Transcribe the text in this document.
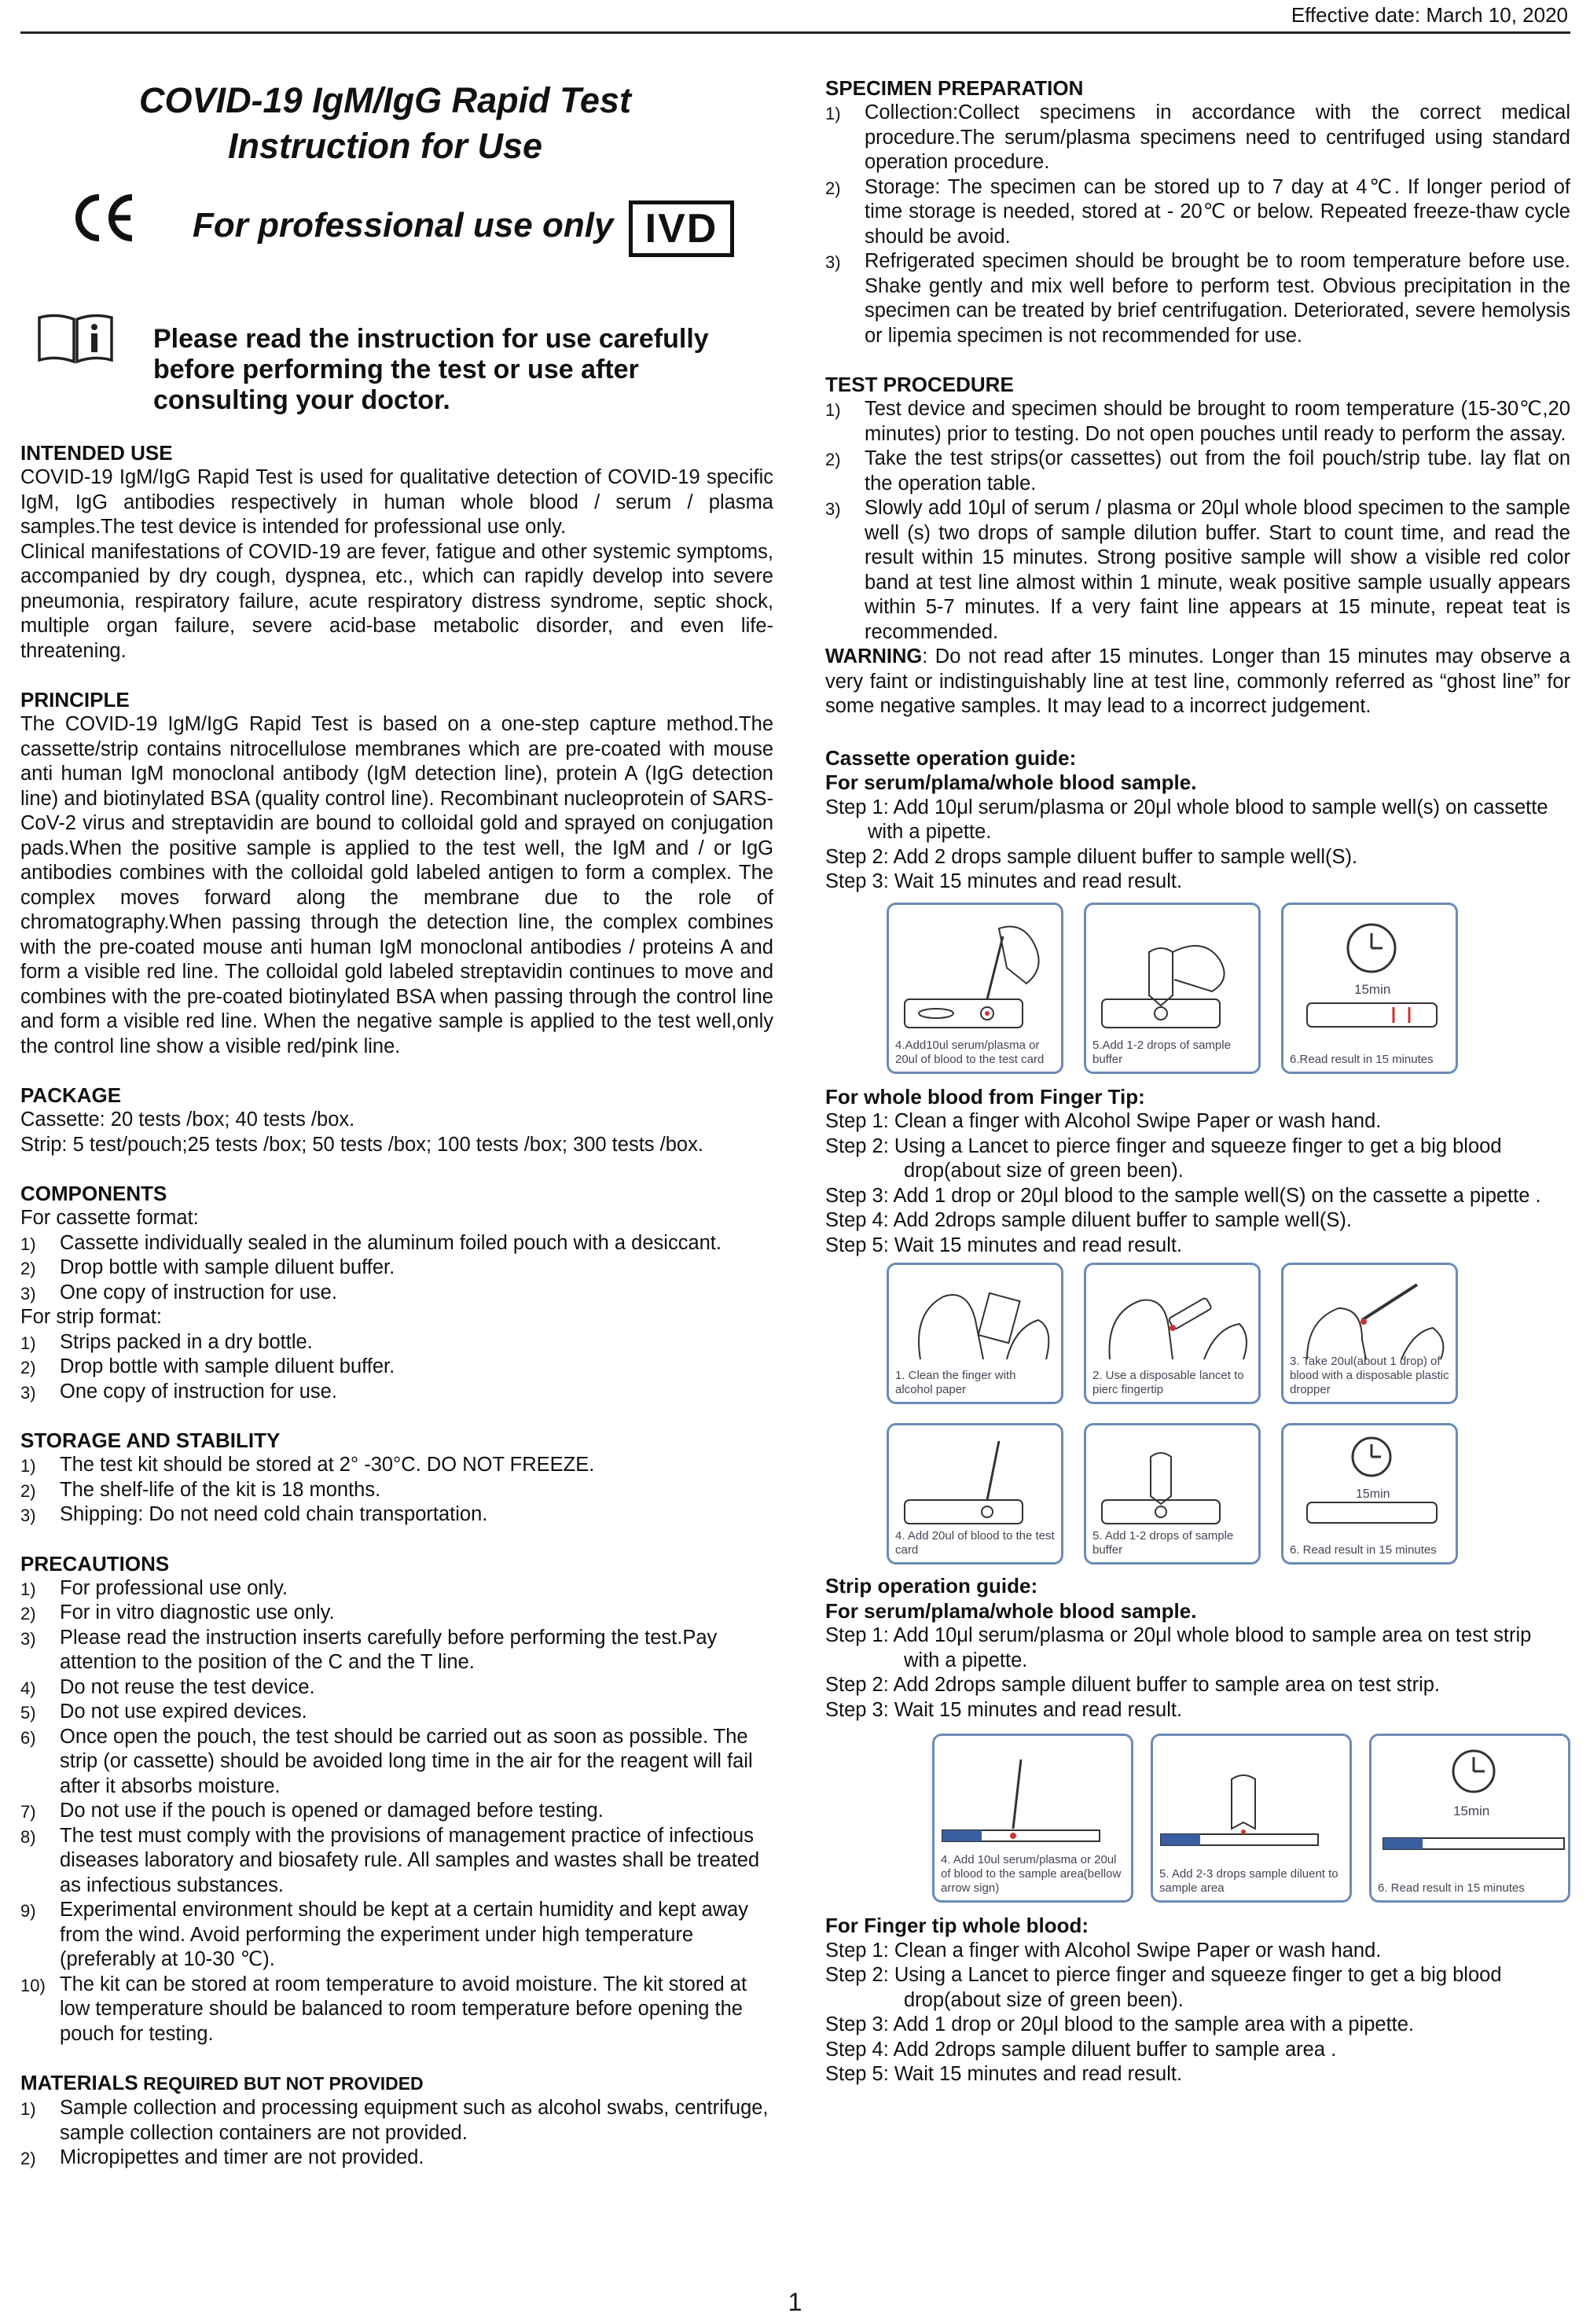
Effective date: March 10, 2020
COVID-19 IgM/IgG Rapid Test
Instruction for Use
For professional use only IVD
Please read the instruction for use carefully before performing the test or use after consulting your doctor.
INTENDED USE
COVID-19 IgM/IgG Rapid Test is used for qualitative detection of COVID-19 specific IgM, IgG antibodies respectively in human whole blood / serum / plasma samples.The test device is intended for professional use only.
Clinical manifestations of COVID-19 are fever, fatigue and other systemic symptoms, accompanied by dry cough, dyspnea, etc., which can rapidly develop into severe pneumonia, respiratory failure, acute respiratory distress syndrome, septic shock, multiple organ failure, severe acid-base metabolic disorder, and even life-threatening.
PRINCIPLE
The COVID-19 IgM/IgG Rapid Test is based on a one-step capture method.The cassette/strip contains nitrocellulose membranes which are pre-coated with mouse anti human IgM monoclonal antibody (IgM detection line), protein A (IgG detection line) and biotinylated BSA (quality control line). Recombinant nucleoprotein of SARS-CoV-2 virus and streptavidin are bound to colloidal gold and sprayed on conjugation pads.When the positive sample is applied to the test well, the IgM and / or IgG antibodies combines with the colloidal gold labeled antigen to form a complex. The complex moves forward along the membrane due to the role of chromatography.When passing through the detection line, the complex combines with the pre-coated mouse anti human IgM monoclonal antibodies / proteins A and form a visible red line. The colloidal gold labeled streptavidin continues to move and combines with the pre-coated biotinylated BSA when passing through the control line and form a visible red line. When the negative sample is applied to the test well,only the control line show a visible red/pink line.
PACKAGE
Cassette: 20 tests /box; 40 tests /box.
Strip: 5 test/pouch;25 tests /box; 50 tests /box; 100 tests /box; 300 tests /box.
COMPONENTS
For cassette format:
1) Cassette individually sealed in the aluminum foiled pouch with a desiccant.
2) Drop bottle with sample diluent buffer.
3) One copy of instruction for use.
For strip format:
1) Strips packed in a dry bottle.
2) Drop bottle with sample diluent buffer.
3) One copy of instruction for use.
STORAGE AND STABILITY
1) The test kit should be stored at 2° -30°C. DO NOT FREEZE.
2) The shelf-life of the kit is 18 months.
3) Shipping: Do not need cold chain transportation.
PRECAUTIONS
1) For professional use only.
2) For in vitro diagnostic use only.
3) Please read the instruction inserts carefully before performing the test.Pay attention to the position of the C and the T line.
4) Do not reuse the test device.
5) Do not use expired devices.
6) Once open the pouch, the test should be carried out as soon as possible. The strip (or cassette) should be avoided long time in the air for the reagent will fail after it absorbs moisture.
7) Do not use if the pouch is opened or damaged before testing.
8) The test must comply with the provisions of management practice of infectious diseases laboratory and biosafety rule. All samples and wastes shall be treated as infectious substances.
9) Experimental environment should be kept at a certain humidity and kept away from the wind. Avoid performing the experiment under high temperature (preferably at 10-30 ℃).
10) The kit can be stored at room temperature to avoid moisture. The kit stored at low temperature should be balanced to room temperature before opening the pouch for testing.
MATERIALS REQUIRED BUT NOT PROVIDED
1) Sample collection and processing equipment such as alcohol swabs, centrifuge, sample collection containers are not provided.
2) Micropipettes and timer are not provided.
SPECIMEN PREPARATION
1) Collection:Collect specimens in accordance with the correct medical procedure.The serum/plasma specimens need to centrifuged using standard operation procedure.
2) Storage: The specimen can be stored up to 7 day at 4℃. If longer period of time storage is needed, stored at - 20℃ or below. Repeated freeze-thaw cycle should be avoid.
3) Refrigerated specimen should be brought be to room temperature before use. Shake gently and mix well before to perform test. Obvious precipitation in the specimen can be treated by brief centrifugation. Deteriorated, severe hemolysis or lipemia specimen is not recommended for use.
TEST PROCEDURE
1) Test device and specimen should be brought to room temperature (15-30℃,20 minutes) prior to testing. Do not open pouches until ready to perform the assay.
2) Take the test strips(or cassettes) out from the foil pouch/strip tube. lay flat on the operation table.
3) Slowly add 10μl of serum / plasma or 20μl whole blood specimen to the sample well (s) two drops of sample dilution buffer. Start to count time, and read the result within 15 minutes. Strong positive sample will show a visible red color band at test line almost within 1 minute, weak positive sample usually appears within 5-7 minutes. If a very faint line appears at 15 minute, repeat teat is recommended.
WARNING: Do not read after 15 minutes. Longer than 15 minutes may observe a very faint or indistinguishably line at test line, commonly referred as “ghost line” for some negative samples. It may lead to a incorrect judgement.
Cassette operation guide:
For serum/plama/whole blood sample.
Step 1: Add 10μl serum/plasma or 20μl whole blood to sample well(s) on cassette with a pipette.
Step 2: Add 2 drops sample diluent buffer to sample well(S).
Step 3: Wait 15 minutes and read result.
4.Add10ul serum/plasma or 20ul of blood to the test card
5.Add 1-2 drops of sample buffer
15min
6.Read result in 15 minutes
For whole blood from Finger Tip:
Step 1: Clean a finger with Alcohol Swipe Paper or wash hand.
Step 2: Using a Lancet to pierce finger and squeeze finger to get a big blood drop(about size of green been).
Step 3: Add 1 drop or 20μl blood to the sample well(S) on the cassette a pipette .
Step 4: Add 2drops sample diluent buffer to sample well(S).
Step 5: Wait 15 minutes and read result.
1. Clean the finger with alcohol paper
2. Use a disposable lancet to pierc fingertip
3. Take 20ul(about 1 drop) of blood with a disposable plastic dropper
4. Add 20ul of blood to the test card
5. Add 1-2 drops of sample buffer
15min
6. Read result in 15 minutes
Strip operation guide:
For serum/plama/whole blood sample.
Step 1: Add 10μl serum/plasma or 20μl whole blood to sample area on test strip with a pipette.
Step 2: Add 2drops sample diluent buffer to sample area on test strip.
Step 3: Wait 15 minutes and read result.
4. Add 10ul serum/plasma or 20ul of blood to the sample area(bellow arrow sign)
5. Add 2-3 drops sample diluent to sample area
15min
6. Read result in 15 minutes
For Finger tip whole blood:
Step 1: Clean a finger with Alcohol Swipe Paper or wash hand.
Step 2: Using a Lancet to pierce finger and squeeze finger to get a big blood drop(about size of green been).
Step 3: Add 1 drop or 20μl blood to the sample area with a pipette.
Step 4: Add 2drops sample diluent buffer to sample area .
Step 5: Wait 15 minutes and read result.
1
